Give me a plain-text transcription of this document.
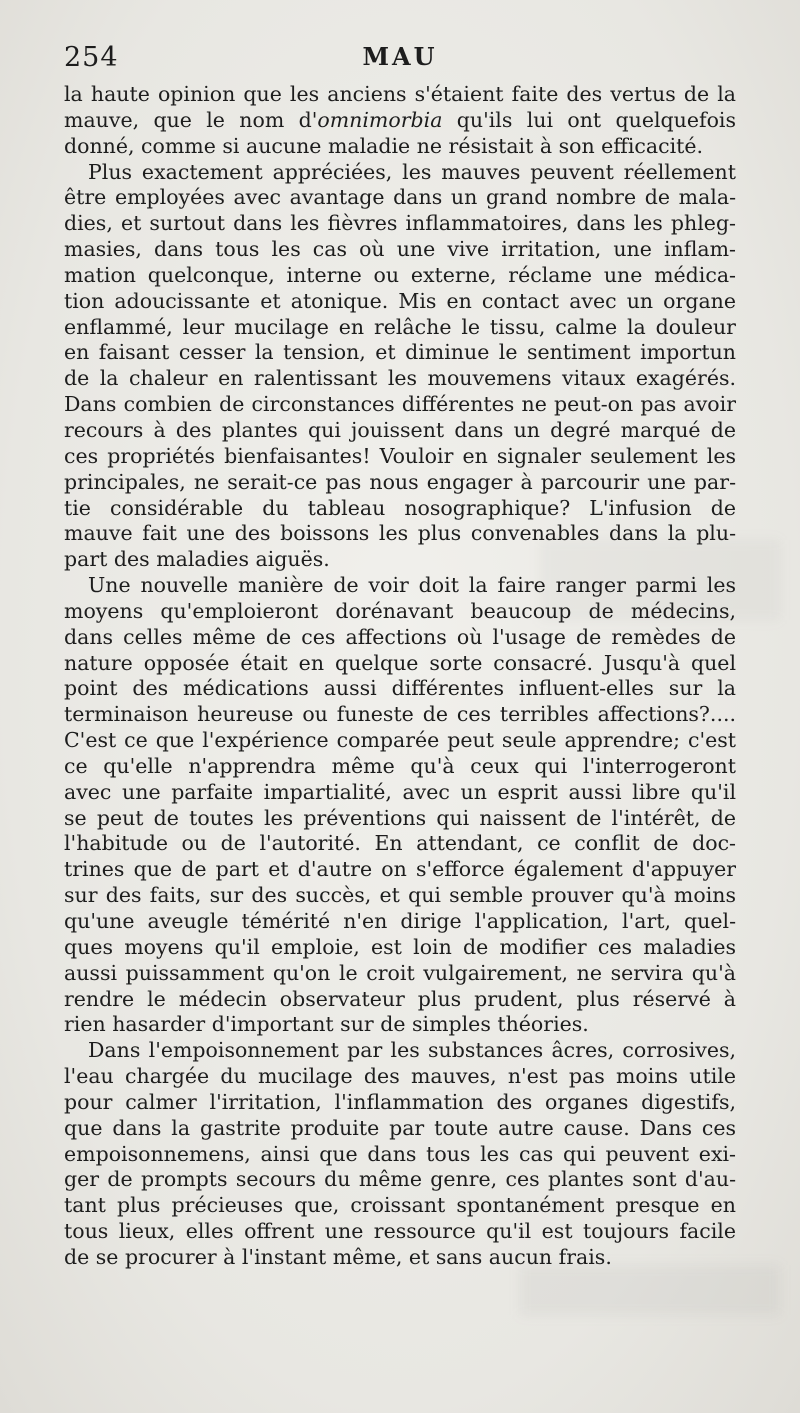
254	MAU
la haute opinion que les anciens s'étaient faite des vertus de la
mauve, que le nom d'omnimorbia qu'ils lui ont quelquefois
donné, comme si aucune maladie ne résistait à son efficacité.
Plus exactement appréciées, les mauves peuvent réellement
être employées avec avantage dans un grand nombre de mala-
dies, et surtout dans les fièvres inflammatoires, dans les phleg-
masies, dans tous les cas où une vive irritation, une inflam-
mation quelconque, interne ou externe, réclame une médica-
tion adoucissante et atonique. Mis en contact avec un organe
enflammé, leur mucilage en relâche le tissu, calme la douleur
en faisant cesser la tension, et diminue le sentiment importun
de la chaleur en ralentissant les mouvemens vitaux exagérés.
Dans combien de circonstances différentes ne peut-on pas avoir
recours à des plantes qui jouissent dans un degré marqué de
ces propriétés bienfaisantes! Vouloir en signaler seulement les
principales, ne serait-ce pas nous engager à parcourir une par-
tie considérable du tableau nosographique? L'infusion de
mauve fait une des boissons les plus convenables dans la plu-
part des maladies aiguës.
Une nouvelle manière de voir doit la faire ranger parmi les
moyens qu'emploieront dorénavant beaucoup de médecins,
dans celles même de ces affections où l'usage de remèdes de
nature opposée était en quelque sorte consacré. Jusqu'à quel
point des médications aussi différentes influent-elles sur la
terminaison heureuse ou funeste de ces terribles affections?....
C'est ce que l'expérience comparée peut seule apprendre; c'est
ce qu'elle n'apprendra même qu'à ceux qui l'interrogeront
avec une parfaite impartialité, avec un esprit aussi libre qu'il
se peut de toutes les préventions qui naissent de l'intérêt, de
l'habitude ou de l'autorité. En attendant, ce conflit de doc-
trines que de part et d'autre on s'efforce également d'appuyer
sur des faits, sur des succès, et qui semble prouver qu'à moins
qu'une aveugle témérité n'en dirige l'application, l'art, quel-
ques moyens qu'il emploie, est loin de modifier ces maladies
aussi puissamment qu'on le croit vulgairement, ne servira qu'à
rendre le médecin observateur plus prudent, plus réservé à
rien hasarder d'important sur de simples théories.
Dans l'empoisonnement par les substances âcres, corrosives,
l'eau chargée du mucilage des mauves, n'est pas moins utile
pour calmer l'irritation, l'inflammation des organes digestifs,
que dans la gastrite produite par toute autre cause. Dans ces
empoisonnemens, ainsi que dans tous les cas qui peuvent exi-
ger de prompts secours du même genre, ces plantes sont d'au-
tant plus précieuses que, croissant spontanément presque en
tous lieux, elles offrent une ressource qu'il est toujours facile
de se procurer à l'instant même, et sans aucun frais.
